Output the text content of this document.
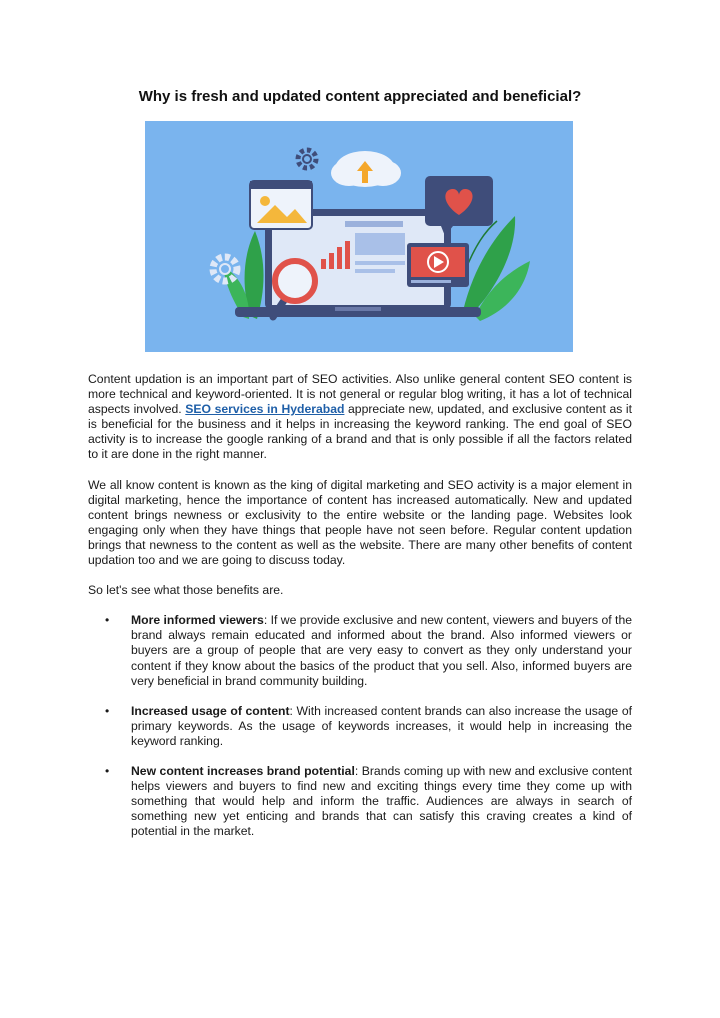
Why is fresh and updated content appreciated and beneficial?

Content updation is an important part of SEO activities. Also unlike general content SEO content is more technical and keyword-oriented. It is not general or regular blog writing, it has a lot of technical aspects involved. SEO services in Hyderabad appreciate new, updated, and exclusive content as it is beneficial for the business and it helps in increasing the keyword ranking. The end goal of SEO activity is to increase the google ranking of a brand and that is only possible if all the factors related to it are done in the right manner.

We all know content is known as the king of digital marketing and SEO activity is a major element in digital marketing, hence the importance of content has increased automatically. New and updated content brings newness or exclusivity to the entire website or the landing page. Websites look engaging only when they have things that people have not seen before. Regular content updation brings that newness to the content as well as the website. There are many other benefits of content updation too and we are going to discuss today.

So let's see what those benefits are.

• More informed viewers: If we provide exclusive and new content, viewers and buyers of the brand always remain educated and informed about the brand. Also informed viewers or buyers are a group of people that are very easy to convert as they only understand your content if they know about the basics of the product that you sell. Also, informed buyers are very beneficial in brand community building.
• Increased usage of content: With increased content brands can also increase the usage of primary keywords. As the usage of keywords increases, it would help in increasing the keyword ranking.
• New content increases brand potential: Brands coming up with new and exclusive content helps viewers and buyers to find new and exciting things every time they come up with something that would help and inform the traffic. Audiences are always in search of something new yet enticing and brands that can satisfy this craving creates a kind of potential in the market.
